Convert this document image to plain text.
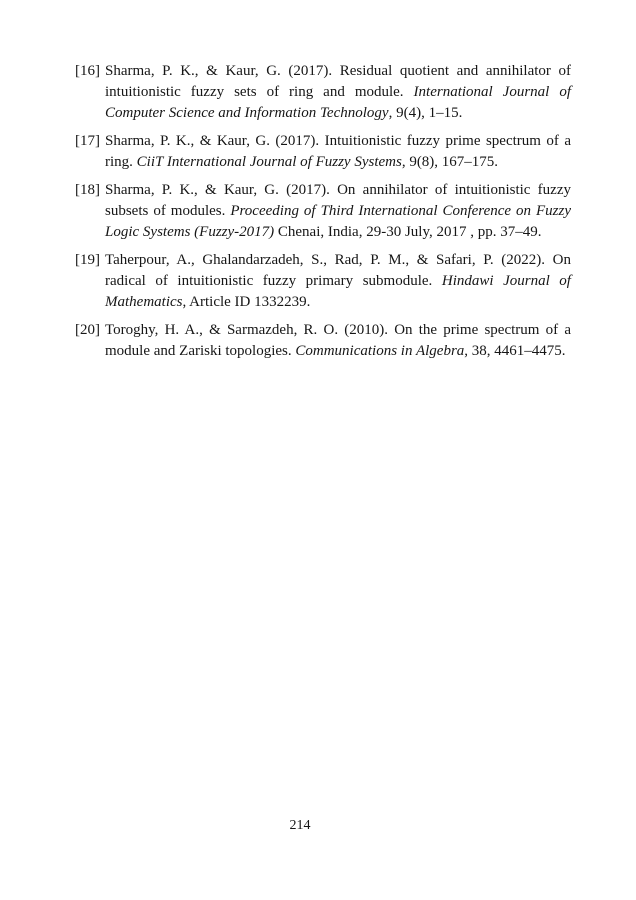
[16] Sharma, P. K., & Kaur, G. (2017). Residual quotient and annihilator of intuitionistic fuzzy sets of ring and module. International Journal of Computer Science and Information Technology, 9(4), 1–15.

[17] Sharma, P. K., & Kaur, G. (2017). Intuitionistic fuzzy prime spectrum of a ring. CiiT International Journal of Fuzzy Systems, 9(8), 167–175.

[18] Sharma, P. K., & Kaur, G. (2017). On annihilator of intuitionistic fuzzy subsets of modules. Proceeding of Third International Conference on Fuzzy Logic Systems (Fuzzy-2017) Chenai, India, 29-30 July, 2017 , pp. 37–49.

[19] Taherpour, A., Ghalandarzadeh, S., Rad, P. M., & Safari, P. (2022). On radical of intuitionistic fuzzy primary submodule. Hindawi Journal of Mathematics, Article ID 1332239.

[20] Toroghy, H. A., & Sarmazdeh, R. O. (2010). On the prime spectrum of a module and Zariski topologies. Communications in Algebra, 38, 4461–4475.

214
